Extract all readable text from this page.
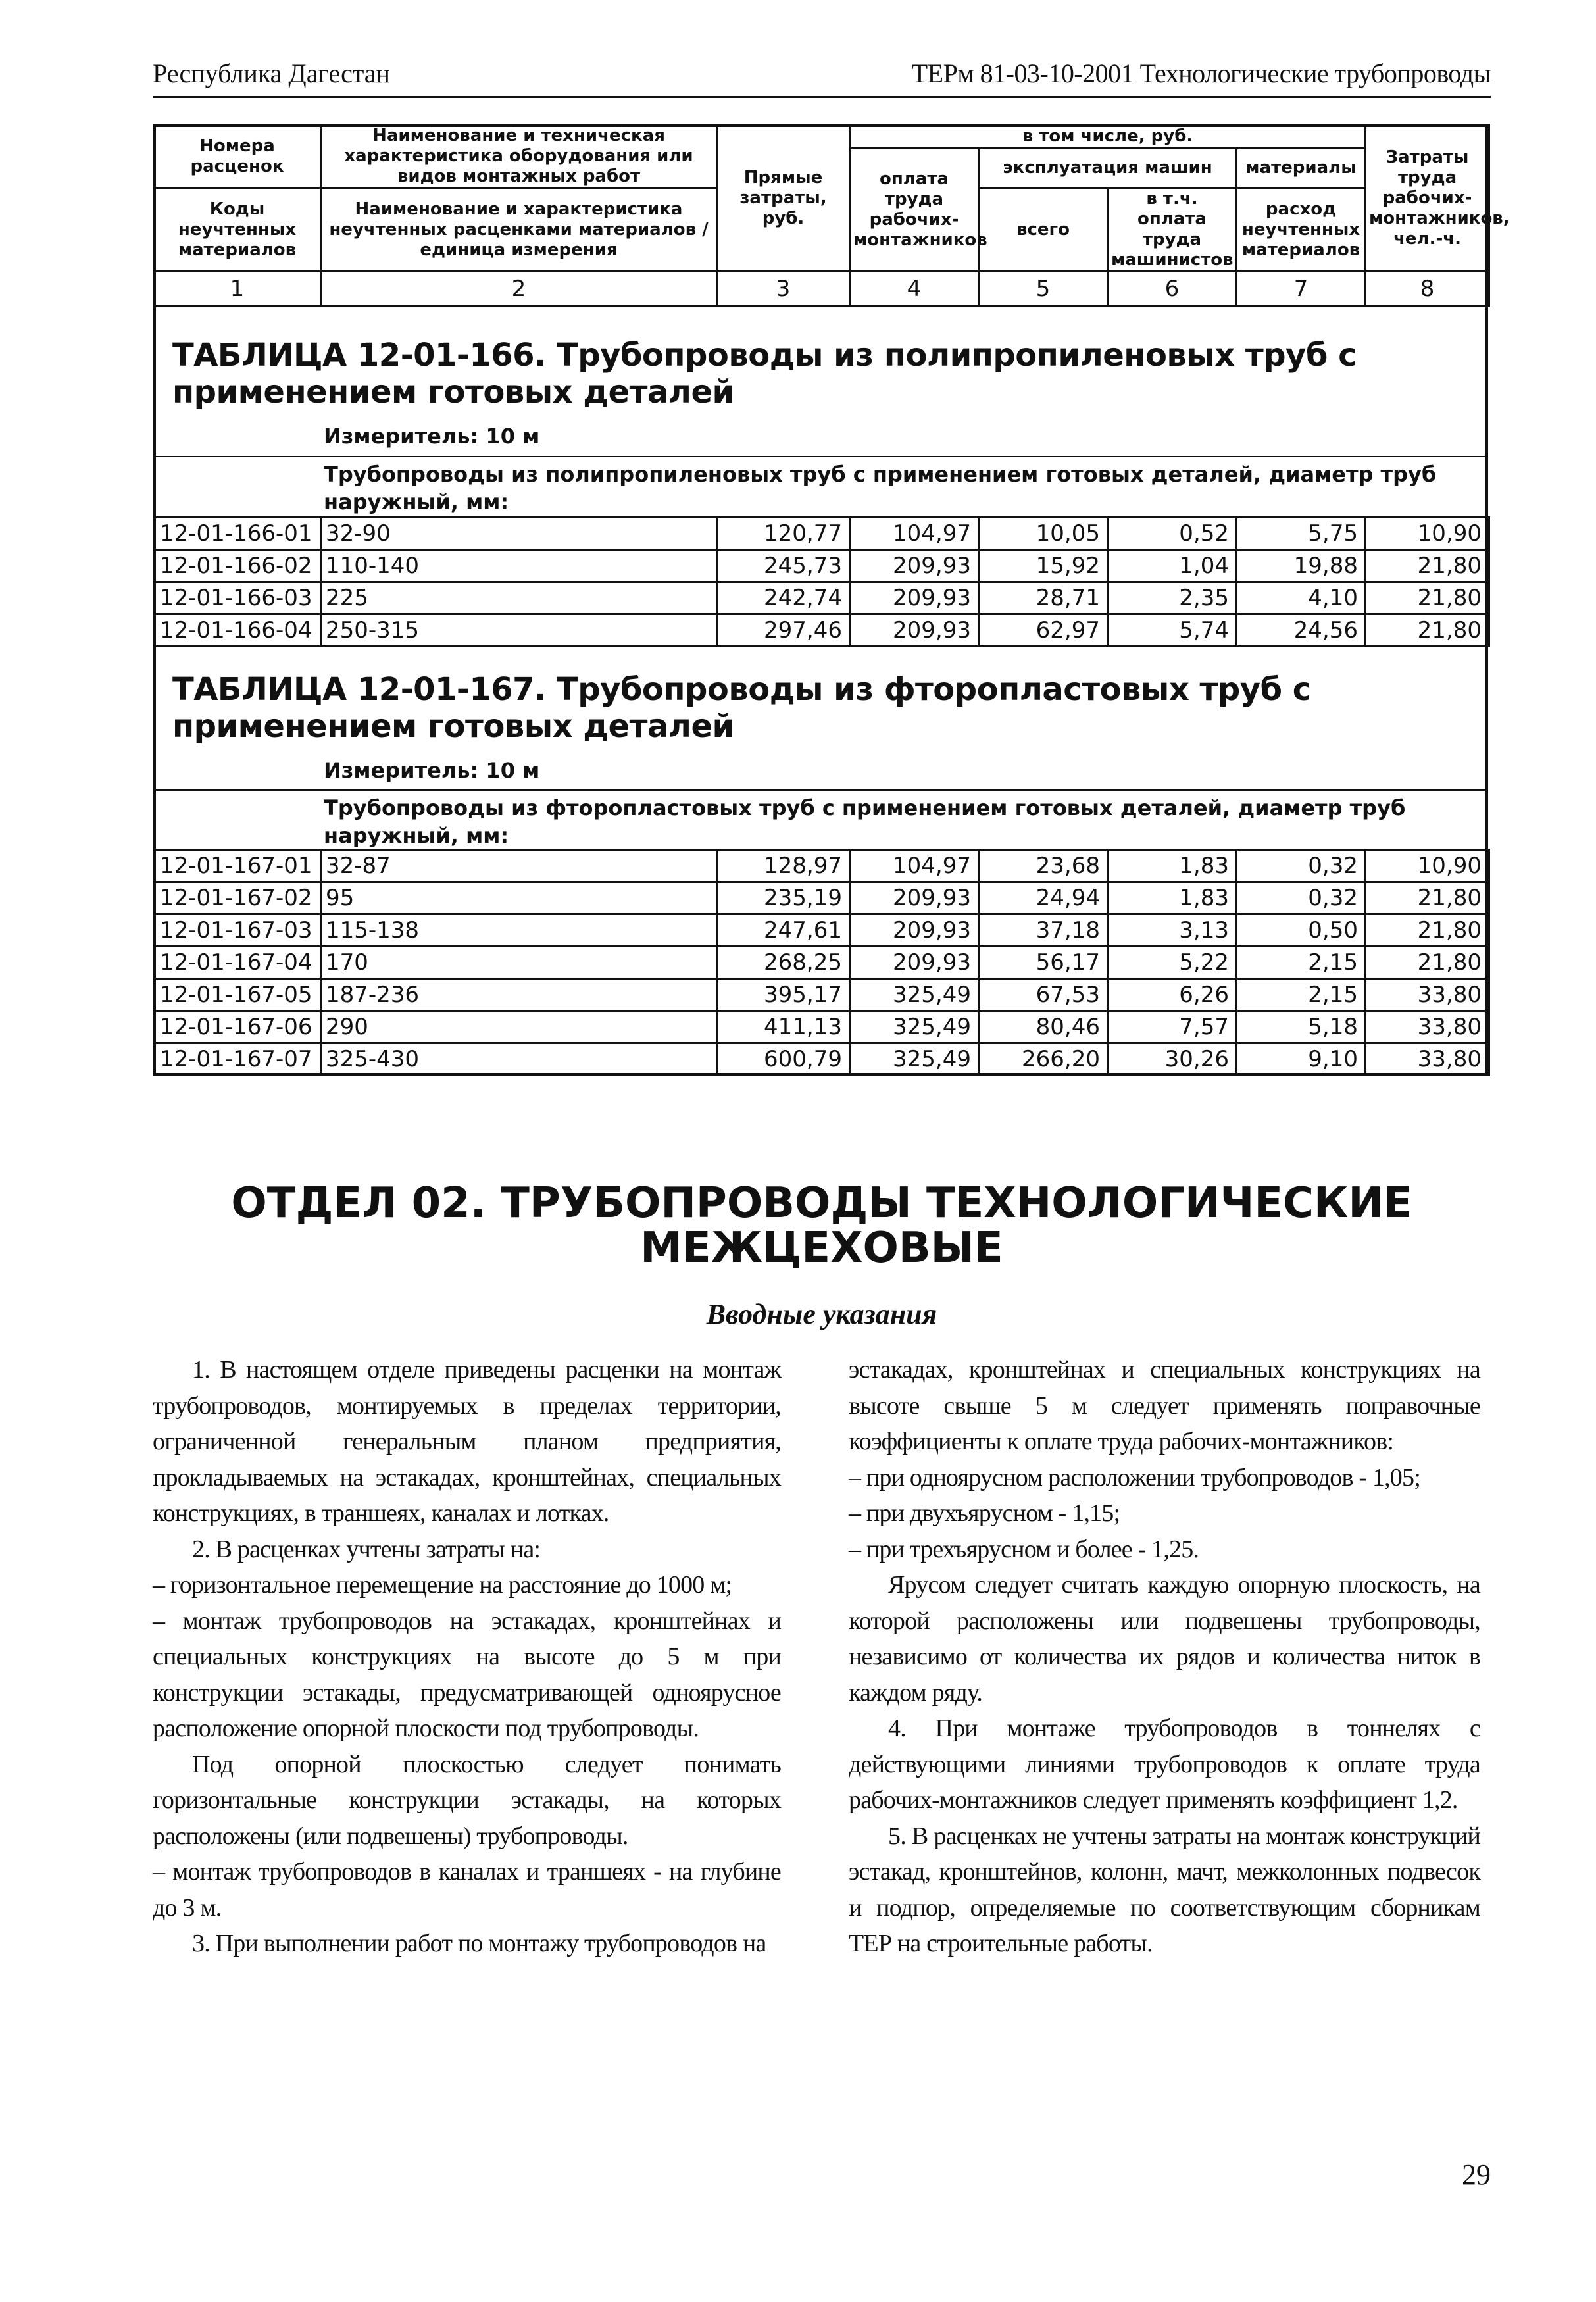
Республика Дагестан	ТЕРм 81-03-10-2001 Технологические трубопроводы
Номера расценок	Наименование и техническая характеристика оборудования или видов монтажных работ	Прямые затраты, руб.	в том числе, руб.				Затраты труда рабочих-монтажников, чел.-ч.
			оплата труда рабочих-монтажников	эксплуатация машин		материалы	
Коды неучтенных материалов	Наименование и характеристика неучтенных расценками материалов / единица измерения			всего	в т.ч. оплата труда машинистов	расход неучтенных материалов	

1	2	3	4	5	6	7	8
ТАБЛИЦА 12-01-166. Трубопроводы из полипропиленовых труб с применением готовых деталей
Измеритель: 10 м
Трубопроводы из полипропиленовых труб с применением готовых деталей, диаметр труб наружный, мм:
12-01-166-01	32-90	120,77	104,97	10,05	0,52	5,75	10,90
12-01-166-02	110-140	245,73	209,93	15,92	1,04	19,88	21,80
12-01-166-03	225	242,74	209,93	28,71	2,35	4,10	21,80
12-01-166-04	250-315	297,46	209,93	62,97	5,74	24,56	21,80
ТАБЛИЦА 12-01-167. Трубопроводы из фторопластовых труб с применением готовых деталей
Измеритель: 10 м
Трубопроводы из фторопластовых труб с применением готовых деталей, диаметр труб наружный, мм:
12-01-167-01	32-87	128,97	104,97	23,68	1,83	0,32	10,90
12-01-167-02	95	235,19	209,93	24,94	1,83	0,32	21,80
12-01-167-03	115-138	247,61	209,93	37,18	3,13	0,50	21,80
12-01-167-04	170	268,25	209,93	56,17	5,22	2,15	21,80
12-01-167-05	187-236	395,17	325,49	67,53	6,26	2,15	33,80
12-01-167-06	290	411,13	325,49	80,46	7,57	5,18	33,80
12-01-167-07	325-430	600,79	325,49	266,20	30,26	9,10	33,80
ОТДЕЛ 02. ТРУБОПРОВОДЫ ТЕХНОЛОГИЧЕСКИЕ
МЕЖЦЕХОВЫЕ
Вводные указания

1. В настоящем отделе приведены расценки на монтаж трубопроводов, монтируемых в пределах территории, ограниченной генеральным планом предприятия, прокладываемых на эстакадах, кронштейнах, специальных конструкциях, в траншеях, каналах и лотках.

2. В расценках учтены затраты на:

– горизонтальное перемещение на расстояние до 1000 м;

– монтаж трубопроводов на эстакадах, кронштейнах и специальных конструкциях на высоте до 5 м при конструкции эстакады, предусматривающей одноярусное расположение опорной плоскости под трубопроводы.

Под опорной плоскостью следует понимать горизонтальные конструкции эстакады, на которых расположены (или подвешены) трубопроводы.

– монтаж трубопроводов в каналах и траншеях - на глубине до 3 м.

3. При выполнении работ по монтажу трубопроводов на

эстакадах, кронштейнах и специальных конструкциях на высоте свыше 5 м следует применять поправочные коэффициенты к оплате труда рабочих-монтажников:

– при одноярусном расположении трубопроводов - 1,05;

– при двухъярусном - 1,15;

– при трехъярусном и более - 1,25.

Ярусом следует считать каждую опорную плоскость, на которой расположены или подвешены трубопроводы, независимо от количества их рядов и количества ниток в каждом ряду.

4. При монтаже трубопроводов в тоннелях с действующими линиями трубопроводов к оплате труда рабочих-монтажников следует применять коэффициент 1,2.

5. В расценках не учтены затраты на монтаж конструкций эстакад, кронштейнов, колонн, мачт, межколонных подвесок и подпор, определяемые по соответствующим сборникам ТЕР на строительные работы.

29
